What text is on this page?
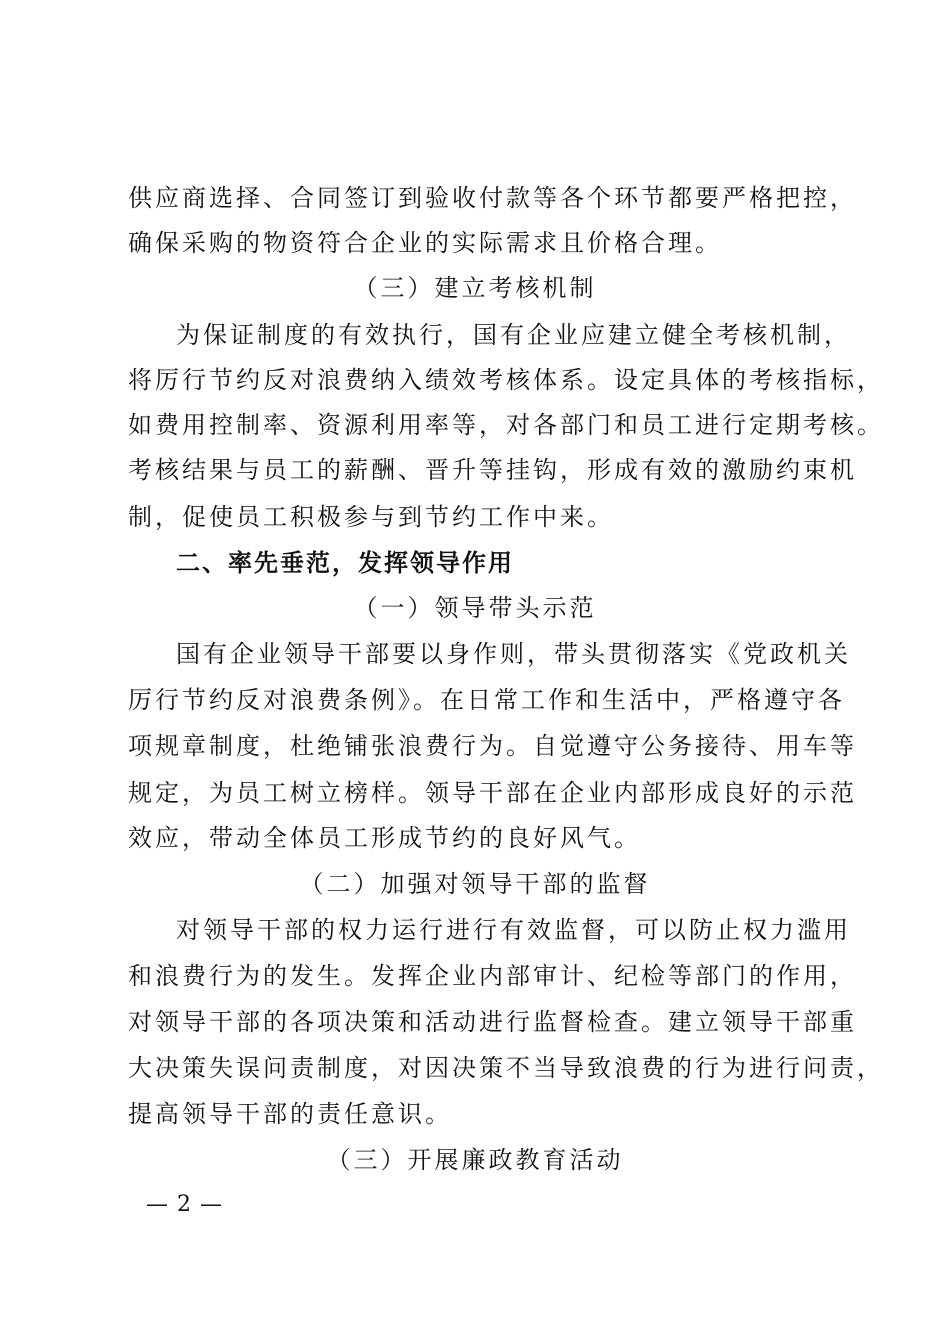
供应商选择、合同签订到验收付款等各个环节都要严格把控，
确保采购的物资符合企业的实际需求且价格合理。
（三）建立考核机制
为保证制度的有效执行，国有企业应建立健全考核机制，
将厉行节约反对浪费纳入绩效考核体系。设定具体的考核指标，
如费用控制率、资源利用率等，对各部门和员工进行定期考核。
考核结果与员工的薪酬、晋升等挂钩，形成有效的激励约束机
制，促使员工积极参与到节约工作中来。
二、率先垂范，发挥领导作用
（一）领导带头示范
国有企业领导干部要以身作则，带头贯彻落实《党政机关
厉行节约反对浪费条例》。在日常工作和生活中，严格遵守各
项规章制度，杜绝铺张浪费行为。自觉遵守公务接待、用车等
规定，为员工树立榜样。领导干部在企业内部形成良好的示范
效应，带动全体员工形成节约的良好风气。
（二）加强对领导干部的监督
对领导干部的权力运行进行有效监督，可以防止权力滥用
和浪费行为的发生。发挥企业内部审计、纪检等部门的作用，
对领导干部的各项决策和活动进行监督检查。建立领导干部重
大决策失误问责制度，对因决策不当导致浪费的行为进行问责，
提高领导干部的责任意识。
（三）开展廉政教育活动
— 2 —
